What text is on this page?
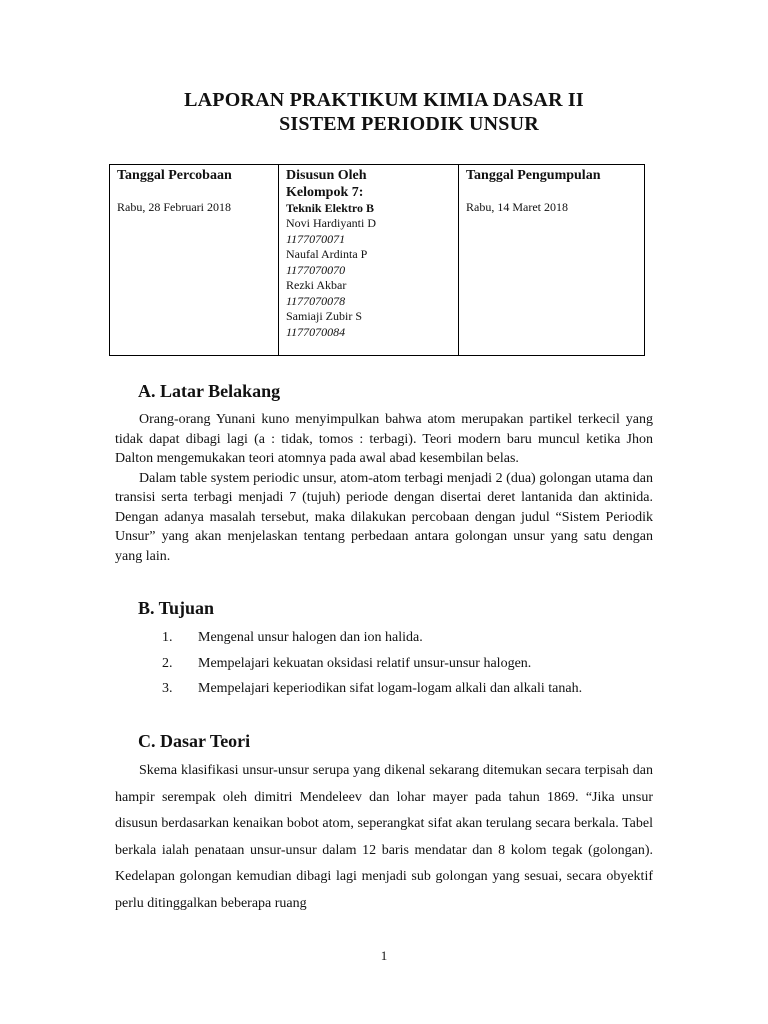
LAPORAN PRAKTIKUM KIMIA DASAR II
SISTEM PERIODIK UNSUR
Tanggal Percobaan
Rabu, 28 Februari 2018

Disusun Oleh
Kelompok 7:
Teknik Elektro B
Novi Hardiyanti D
1177070071
Naufal Ardinta P
1177070070
Rezki Akbar
1177070078
Samiaji Zubir S
1177070084

Tanggal Pengumpulan
Rabu, 14 Maret 2018
A. Latar Belakang

Orang-orang Yunani kuno menyimpulkan bahwa atom merupakan partikel terkecil yang tidak dapat dibagi lagi (a : tidak, tomos : terbagi). Teori modern baru muncul ketika Jhon Dalton mengemukakan teori atomnya pada awal abad kesembilan belas.

Dalam table system periodic unsur, atom-atom terbagi menjadi 2 (dua) golongan utama dan transisi serta terbagi menjadi 7 (tujuh) periode dengan disertai deret lantanida dan aktinida. Dengan adanya masalah tersebut, maka dilakukan percobaan dengan judul “Sistem Periodik Unsur” yang akan menjelaskan tentang perbedaan antara golongan unsur yang satu dengan yang lain.

B. Tujuan
1. Mengenal unsur halogen dan ion halida.
2. Mempelajari kekuatan oksidasi relatif unsur-unsur halogen.
3. Mempelajari keperiodikan sifat logam-logam alkali dan alkali tanah.
C. Dasar Teori

Skema klasifikasi unsur-unsur serupa yang dikenal sekarang ditemukan secara terpisah dan hampir serempak oleh dimitri Mendeleev dan lohar mayer pada tahun 1869. “Jika unsur disusun berdasarkan kenaikan bobot atom, seperangkat sifat akan terulang secara berkala. Tabel berkala ialah penataan unsur-unsur dalam 12 baris mendatar dan 8 kolom tegak (golongan). Kedelapan golongan kemudian dibagi lagi menjadi sub golongan yang sesuai, secara obyektif perlu ditinggalkan beberapa ruang

1
